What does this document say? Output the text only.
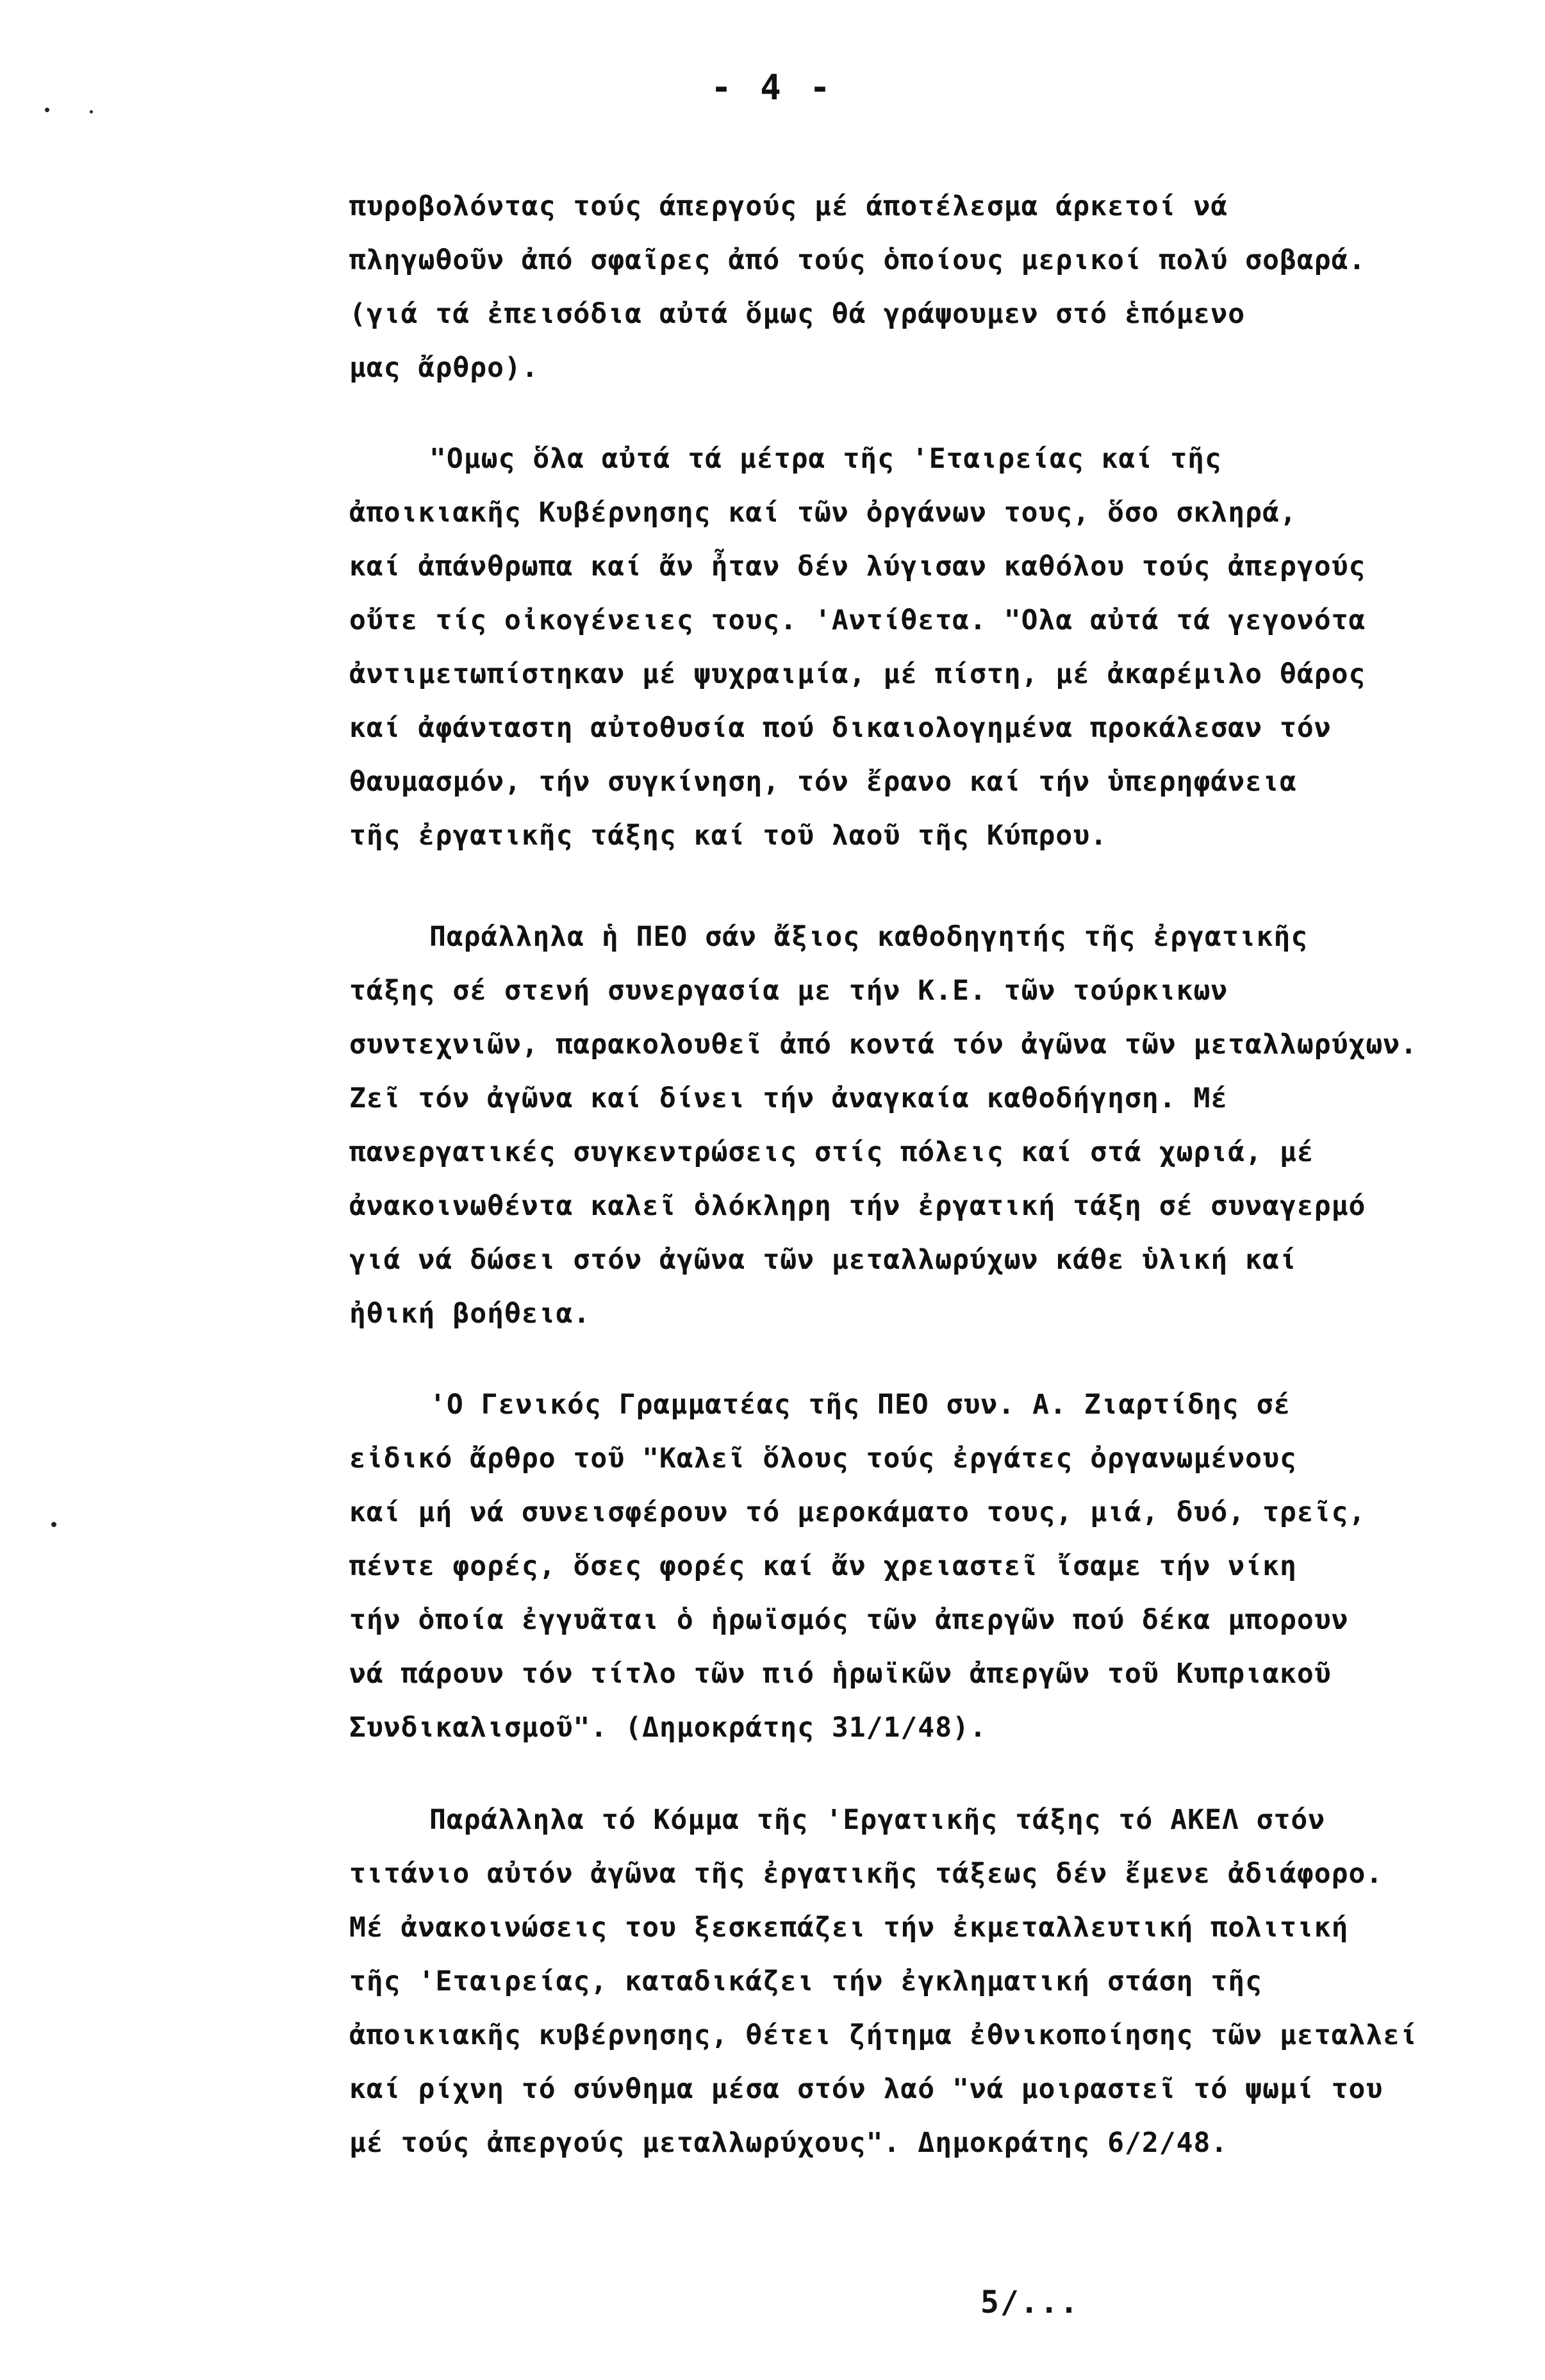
- 4 -
πυροβολόντας τούς άπεργούς μέ άποτέλεσμα άρκετοί νά
πληγωθοῦν ἀπό σφαῖρες ἀπό τούς ὁποίους μερικοί πολύ σοβαρά.
(γιά τά ἐπεισόδια αὐτά ὅμως θά γράψουμεν στό ἑπόμενο
μας ἄρθρο).
"Ομως ὅλα αὐτά τά μέτρα τῆς 'Εταιρείας καί τῆς
ἀποικιακῆς Κυβέρνησης καί τῶν ὀργάνων τους, ὅσο σκληρά,
καί ἀπάνθρωπα καί ἄν ἦταν δέν λύγισαν καθόλου τούς ἀπεργούς
οὔτε τίς οἰκογένειες τους. 'Αντίθετα. "Ολα αὐτά τά γεγονότα
ἀντιμετωπίστηκαν μέ ψυχραιμία, μέ πίστη, μέ ἀκαρέμιλο θάρος
καί ἀφάνταστη αὐτοθυσία πού δικαιολογημένα προκάλεσαν τόν
θαυμασμόν, τήν συγκίνηση, τόν ἔρανο καί τήν ὑπερηφάνεια
τῆς ἐργατικῆς τάξης καί τοῦ λαοῦ τῆς Κύπρου.
Παράλληλα ἡ ΠΕΟ σάν ἄξιος καθοδηγητής τῆς ἐργατικῆς
τάξης σέ στενή συνεργασία με τήν Κ.Ε. τῶν τούρκικων
συντεχνιῶν, παρακολουθεῖ ἀπό κοντά τόν ἀγῶνα τῶν μεταλλωρύχων.
Ζεῖ τόν ἀγῶνα καί δίνει τήν ἀναγκαία καθοδήγηση. Μέ
πανεργατικές συγκεντρώσεις στίς πόλεις καί στά χωριά, μέ
ἀνακοινωθέντα καλεῖ ὁλόκληρη τήν ἐργατική τάξη σέ συναγερμό
γιά νά δώσει στόν ἀγῶνα τῶν μεταλλωρύχων κάθε ὑλική καί
ἠθική βοήθεια.
'Ο Γενικός Γραμματέας τῆς ΠΕΟ συν. Α. Ζιαρτίδης σέ
εἰδικό ἄρθρο τοῦ "Καλεῖ ὅλους τούς ἐργάτες ὀργανωμένους
καί μή νά συνεισφέρουν τό μεροκάματο τους, μιά, δυό, τρεῖς,
πέντε φορές, ὅσες φορές καί ἄν χρειαστεῖ ἴσαμε τήν νίκη
τήν ὁποία ἐγγυᾶται ὁ ἡρωϊσμός τῶν ἀπεργῶν πού δέκα μπορουν
νά πάρουν τόν τίτλο τῶν πιό ἡρωϊκῶν ἀπεργῶν τοῦ Κυπριακοῦ
Συνδικαλισμοῦ". (Δημοκράτης 31/1/48).
Παράλληλα τό Κόμμα τῆς 'Εργατικῆς τάξης τό ΑΚΕΛ στόν
τιτάνιο αὐτόν ἀγῶνα τῆς ἐργατικῆς τάξεως δέν ἔμενε ἀδιάφορο.
Μέ ἀνακοινώσεις του ξεσκεπάζει τήν ἐκμεταλλευτική πολιτική
τῆς 'Εταιρείας, καταδικάζει τήν ἐγκληματική στάση τῆς
ἀποικιακῆς κυβέρνησης, θέτει ζήτημα ἐθνικοποίησης τῶν μεταλλεί
καί ρίχνη τό σύνθημα μέσα στόν λαό "νά μοιραστεῖ τό ψωμί του
μέ τούς ἀπεργούς μεταλλωρύχους". Δημοκράτης 6/2/48.
5/...
